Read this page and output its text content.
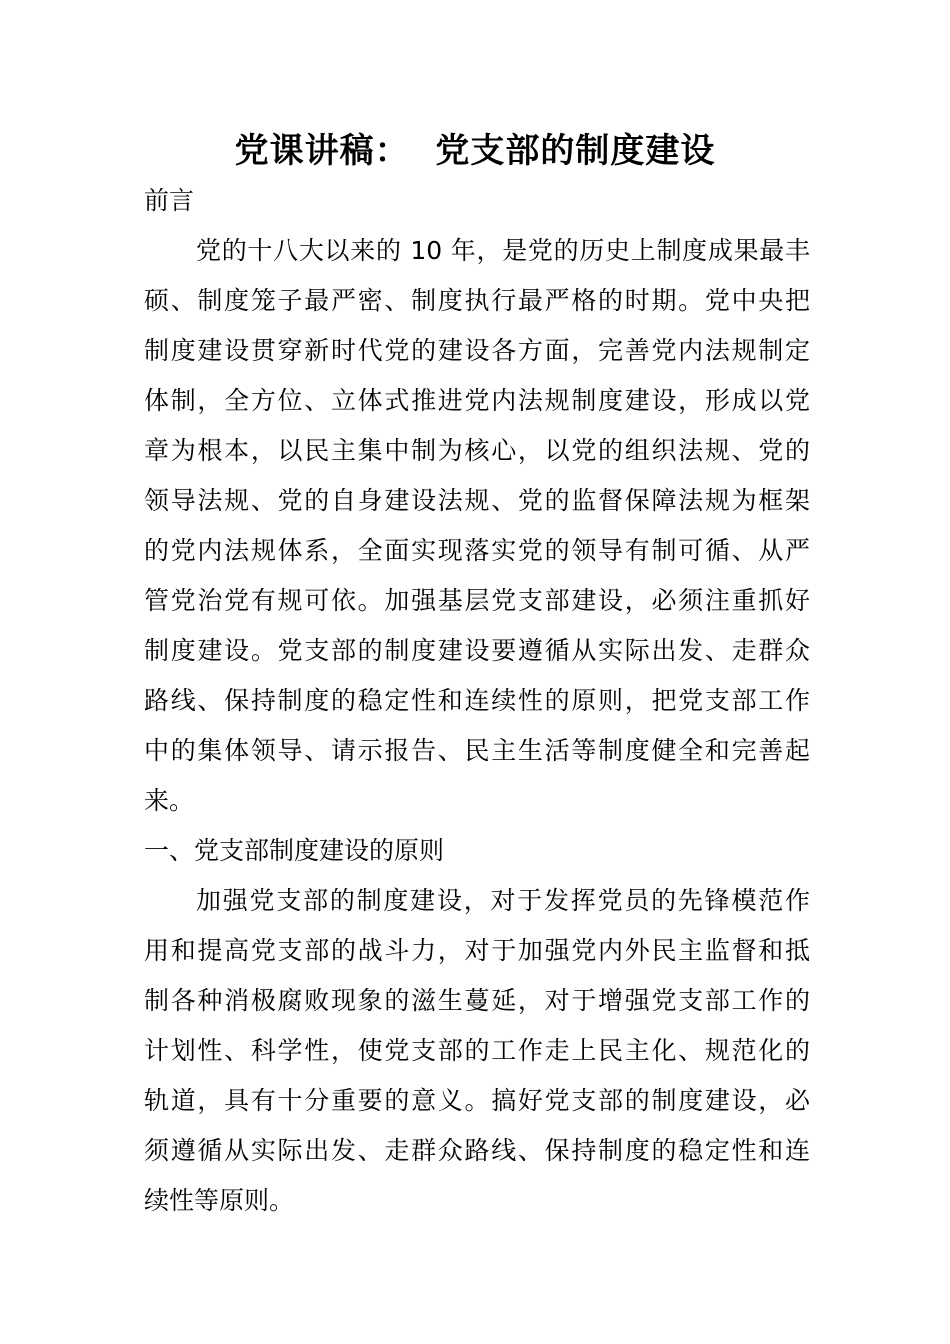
党课讲稿：  党支部的制度建设
前言
党的十八大以来的 10 年，是党的历史上制度成果最丰
硕、制度笼子最严密、制度执行最严格的时期。党中央把
制度建设贯穿新时代党的建设各方面，完善党内法规制定
体制，全方位、立体式推进党内法规制度建设，形成以党
章为根本，以民主集中制为核心，以党的组织法规、党的
领导法规、党的自身建设法规、党的监督保障法规为框架
的党内法规体系，全面实现落实党的领导有制可循、从严
管党治党有规可依。加强基层党支部建设，必须注重抓好
制度建设。党支部的制度建设要遵循从实际出发、走群众
路线、保持制度的稳定性和连续性的原则，把党支部工作
中的集体领导、请示报告、民主生活等制度健全和完善起
来。
一、党支部制度建设的原则
加强党支部的制度建设，对于发挥党员的先锋模范作
用和提高党支部的战斗力，对于加强党内外民主监督和抵
制各种消极腐败现象的滋生蔓延，对于增强党支部工作的
计划性、科学性，使党支部的工作走上民主化、规范化的
轨道，具有十分重要的意义。搞好党支部的制度建设，必
须遵循从实际出发、走群众路线、保持制度的稳定性和连
续性等原则。
